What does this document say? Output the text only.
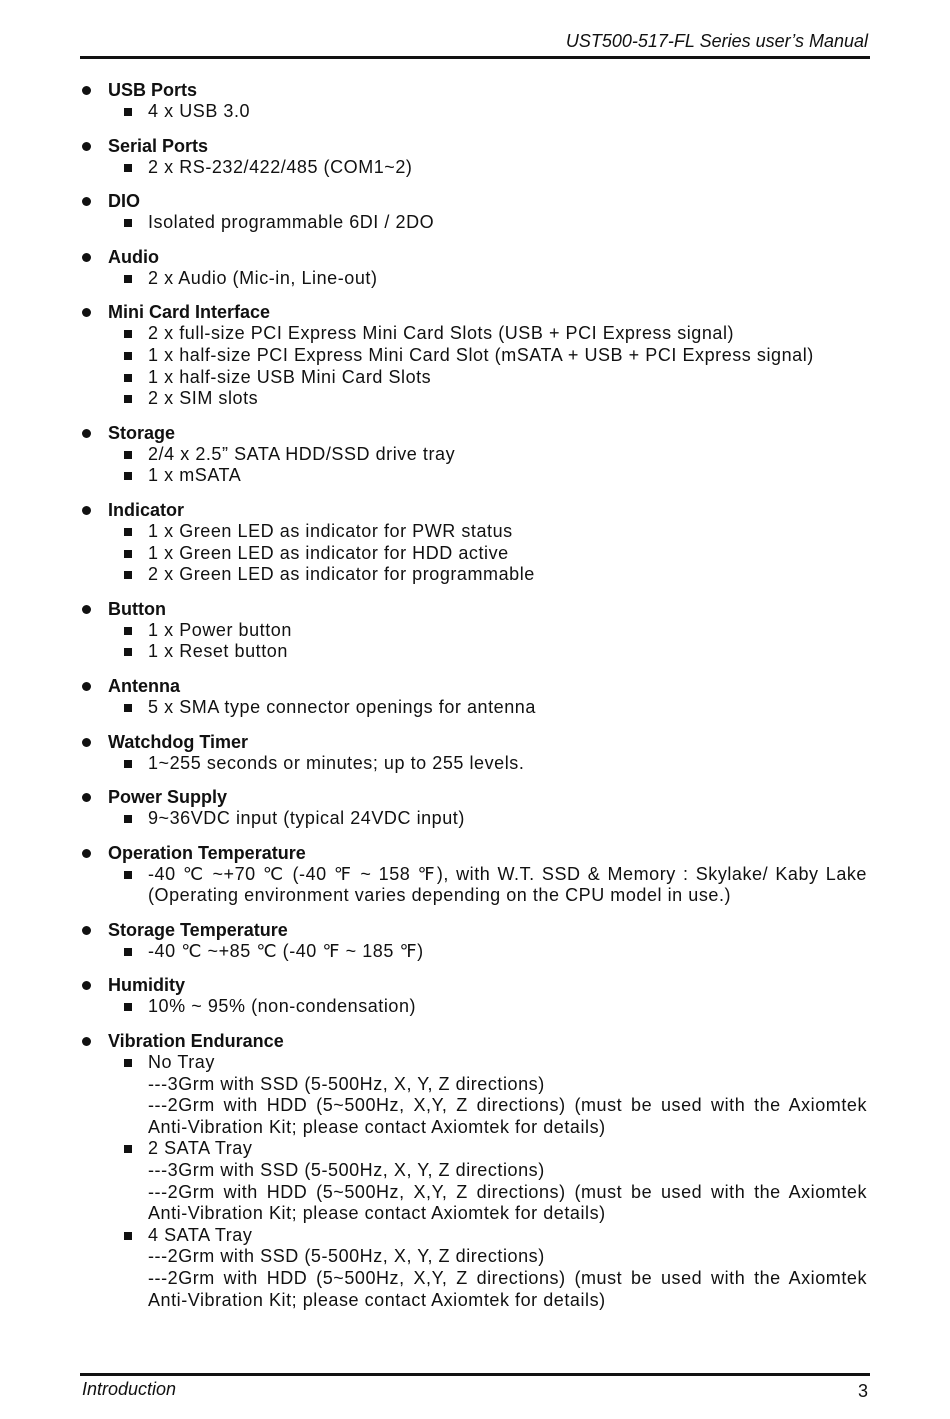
UST500-517-FL Series user’s Manual
USB Ports
4 x USB 3.0
Serial Ports
2 x RS-232/422/485 (COM1~2)
DIO
Isolated programmable 6DI / 2DO
Audio
2 x Audio (Mic-in, Line-out)
Mini Card Interface
2 x full-size PCI Express Mini Card Slots (USB + PCI Express signal)
1 x half-size PCI Express Mini Card Slot (mSATA + USB + PCI Express signal)
1 x half-size USB Mini Card Slots
2 x SIM slots
Storage
2/4 x 2.5” SATA HDD/SSD drive tray
1 x mSATA
Indicator
1 x Green LED as indicator for PWR status
1 x Green LED as indicator for HDD active
2 x Green LED as indicator for programmable
Button
1 x Power button
1 x Reset button
Antenna
5 x SMA type connector openings for antenna
Watchdog Timer
1~255 seconds or minutes; up to 255 levels.
Power Supply
9~36VDC input (typical 24VDC input)
Operation Temperature
-40 ℃ ~+70 ℃ (-40 ℉ ~ 158 ℉), with W.T. SSD & Memory : Skylake/ Kaby Lake (Operating environment varies depending on the CPU model in use.)
Storage Temperature
-40 ℃ ~+85 ℃ (-40 ℉ ~ 185 ℉)
Humidity
10% ~ 95% (non-condensation)
Vibration Endurance
No Tray
---3Grm with SSD (5-500Hz, X, Y, Z directions)
---2Grm with HDD (5~500Hz, X,Y, Z directions) (must be used with the Axiomtek Anti-Vibration Kit; please contact Axiomtek for details)
2 SATA Tray
---3Grm with SSD (5-500Hz, X, Y, Z directions)
---2Grm with HDD (5~500Hz, X,Y, Z directions) (must be used with the Axiomtek Anti-Vibration Kit; please contact Axiomtek for details)
4 SATA Tray
---2Grm with SSD (5-500Hz, X, Y, Z directions)
---2Grm with HDD (5~500Hz, X,Y, Z directions) (must be used with the Axiomtek Anti-Vibration Kit; please contact Axiomtek for details)
Introduction	3
